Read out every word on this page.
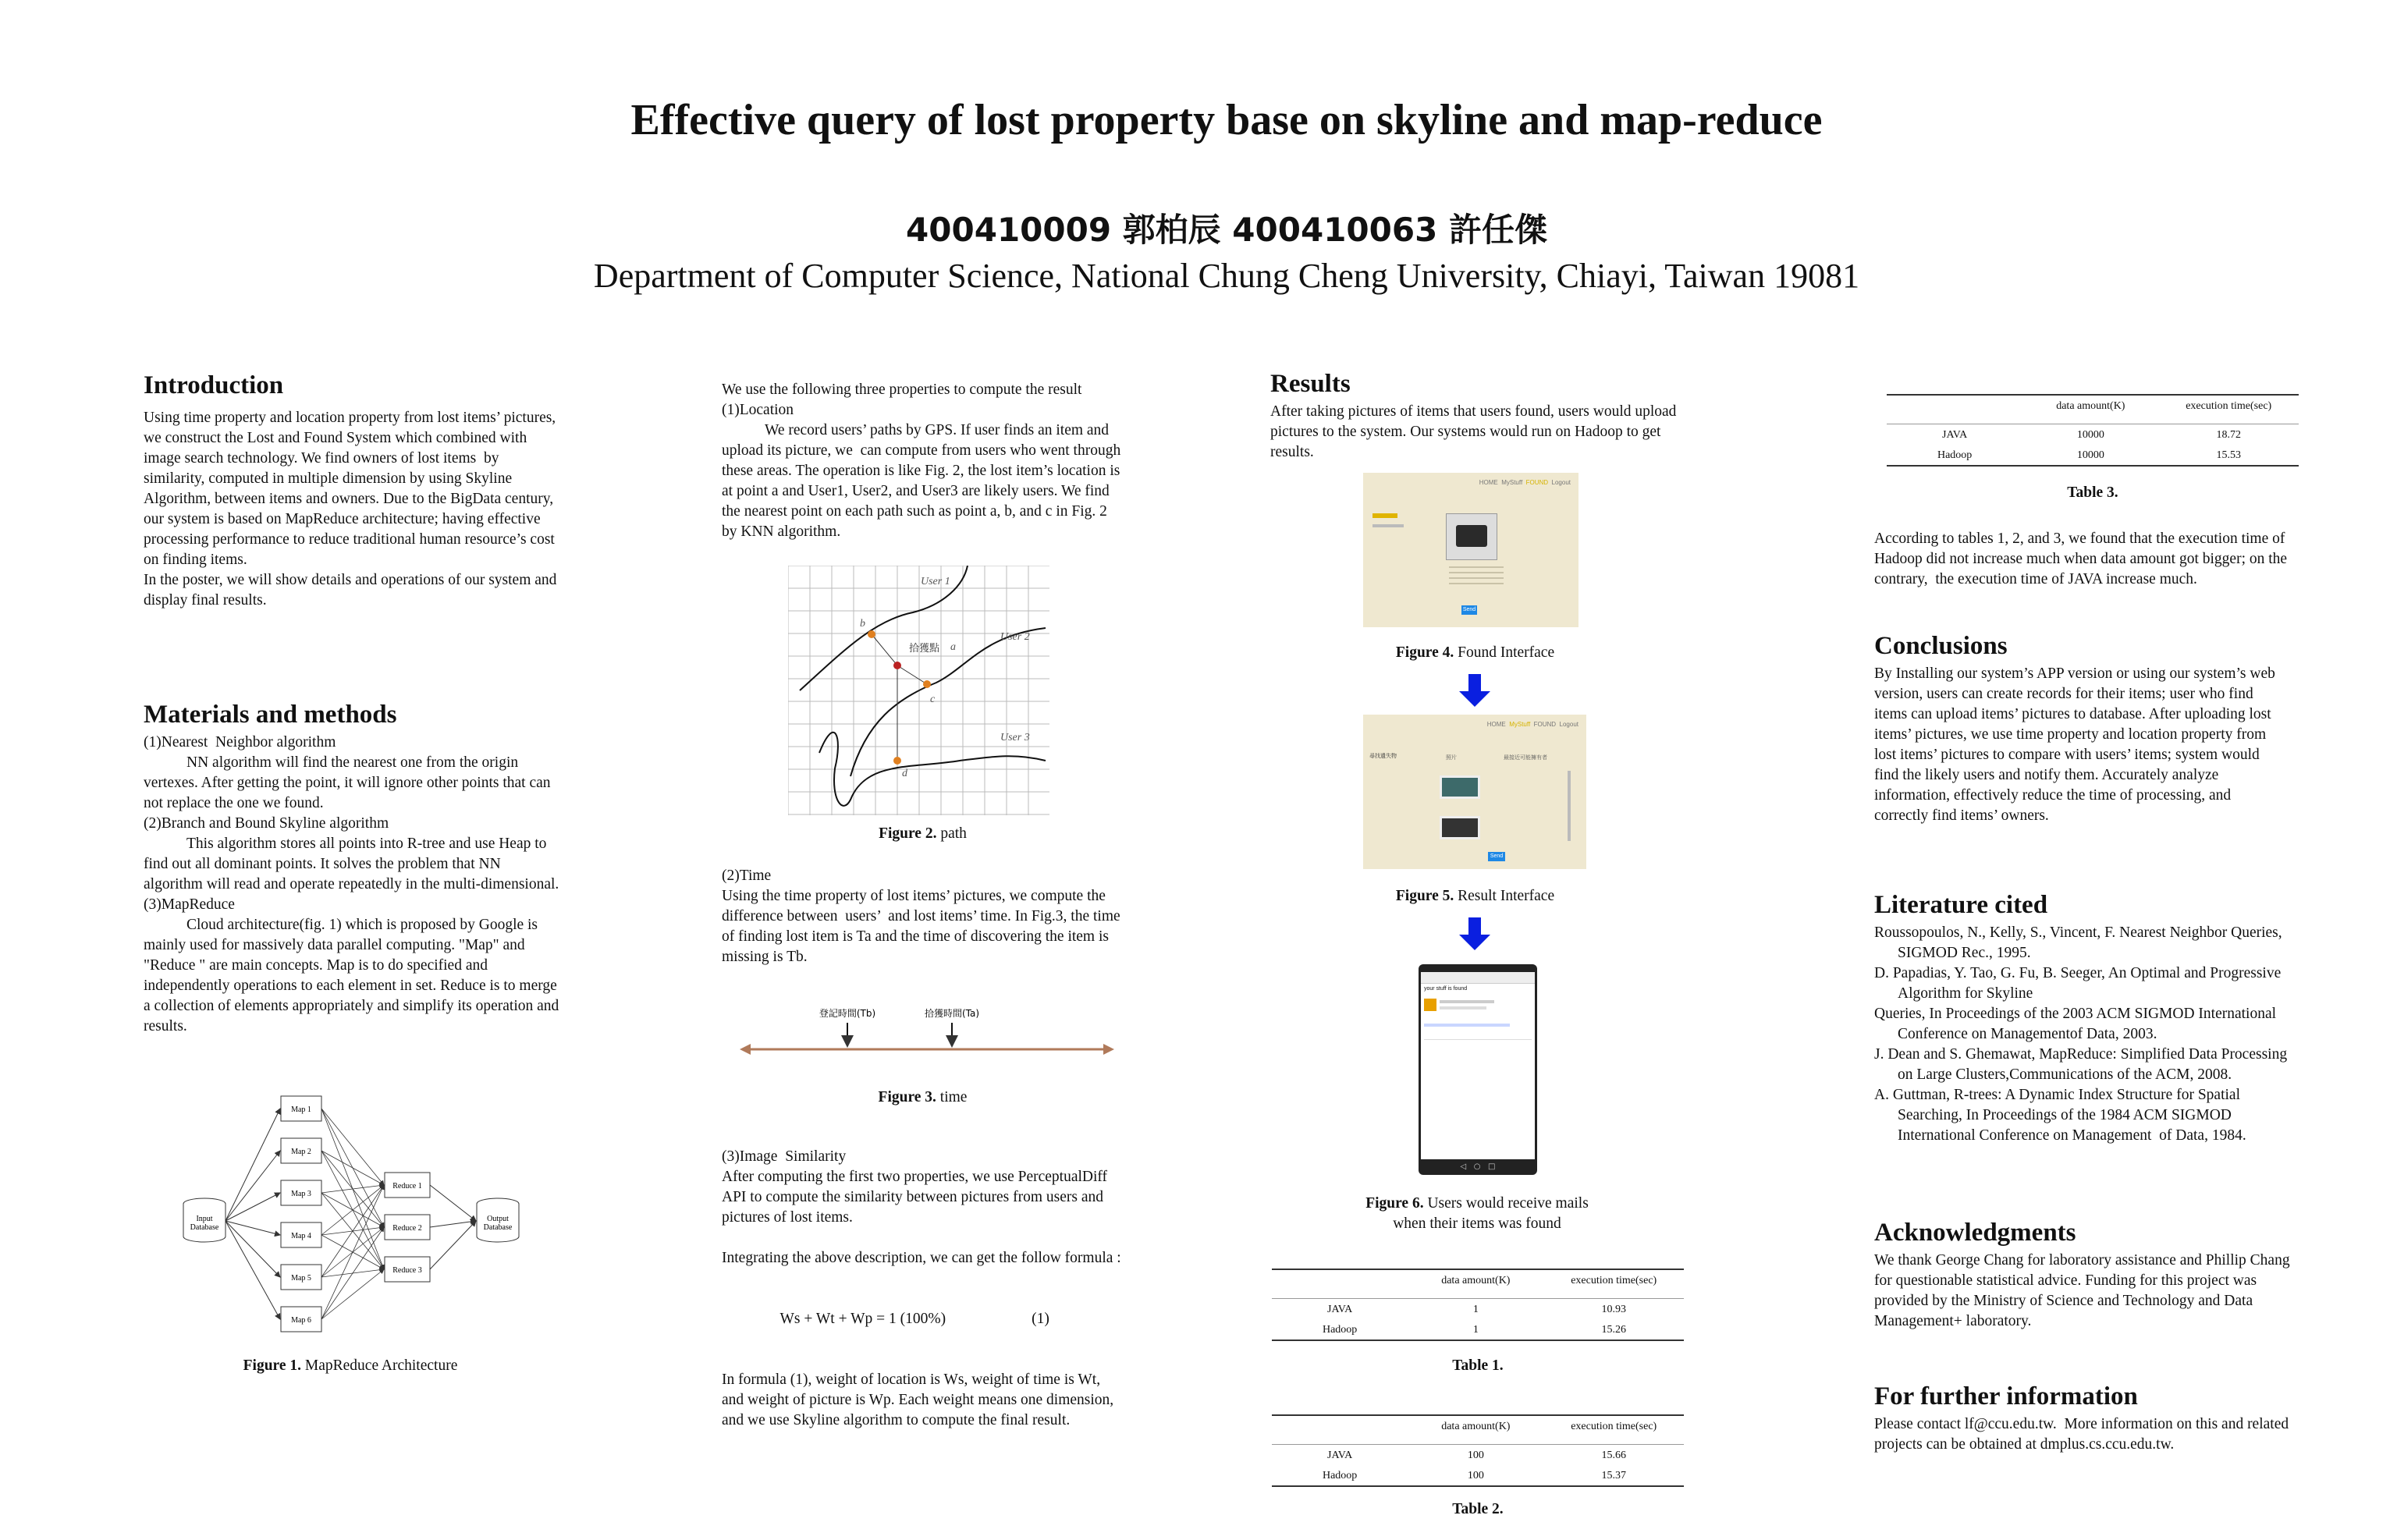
Effective query of lost property base on skyline and map-reduce
400410009 郭柏辰 400410063 許任傑
Department of Computer Science, National Chung Cheng University, Chiayi, Taiwan 19081
Introduction

Using time property and location property from lost items’ pictures, we construct the Lost and Found System which combined with image search technology. We find owners of lost items  by
similarity, computed in multiple dimension by using Skyline Algorithm, between items and owners. Due to the BigData century, our system is based on MapReduce architecture; having effective processing performance to reduce traditional human resource’s cost on finding items.
In the poster, we will show details and operations of our system and display final results.

Materials and methods

(1)Nearest  Neighbor algorithm

NN algorithm will find the nearest one from the origin vertexes. After getting the point, it will ignore other points that can not replace the one we found.

(2)Branch and Bound Skyline algorithm

This algorithm stores all points into R-tree and use Heap to find out all dominant points. It solves the problem that NN algorithm will read and operate repeatedly in the multi-dimensional.

(3)MapReduce

Cloud architecture(fig. 1) which is proposed by Google is mainly used for massively data parallel computing. "Map" and "Reduce " are main concepts. Map is to do specified and independently operations to each element in set. Reduce is to merge  a collection of elements appropriately and simplify its operation and results.

Input
Database
Output
Database
Map 1
Map 2
Map 3
Map 4
Map 5
Map 6
Reduce 1
Reduce 2
Reduce 3
Figure 1. MapReduce Architecture

We use the following three properties to compute the result

(1)Location

We record users’ paths by GPS. If user finds an item and upload its picture, we  can compute from users who went through these areas. The operation is like Fig. 2, the lost item’s location is at point a and User1, User2, and User3 are likely users. We find the nearest point on each path such as point a, b, and c in Fig. 2 by KNN algorithm.

User 1
User 2
User 3
a
b
c
d
拾獲點
Figure 2. path

(2)Time

Using the time property of lost items’ pictures, we compute the difference between  users’  and lost items’ time. In Fig.3, the time of finding lost item is Ta and the time of discovering the item is missing is Tb.

登記時間(Tb)	拾獲時間(Ta)
Figure 3. time

(3)Image  Similarity

After computing the first two properties, we use PerceptualDiff API to compute the similarity between pictures from users and pictures of lost items.

Integrating the above description, we can get the follow formula :

Ws + Wt + Wp = 1 (100%)	(1)

In formula (1), weight of location is Ws, weight of time is Wt, and weight of picture is Wp. Each weight means one dimension, and we use Skyline algorithm to compute the final result.

Results

After taking pictures of items that users found, users would upload pictures to the system. Our systems would run on Hadoop to get results.

HOME MyStuff FOUND Logout
Send
Figure 4. Found Interface
HOME MyStuff FOUND Logout
尋找遺失物	照片	最接近可能擁有者
Send
Figure 5. Result Interface
your stuff is found
◁   ○   □
Figure 6. Users would receive mails when their items was found
	data amount(K)	execution time(sec)
JAVA	1	10.93
Hadoop	1	15.26
Table 1.
	data amount(K)	execution time(sec)
JAVA	100	15.66
Hadoop	100	15.37
Table 2.
	data amount(K)	execution time(sec)
JAVA	10000	18.72
Hadoop	10000	15.53
Table 3.

According to tables 1, 2, and 3, we found that the execution time of Hadoop did not increase much when data amount got bigger; on the contrary,  the execution time of JAVA increase much.

Conclusions

By Installing our system’s APP version or using our system’s web version, users can create records for their items; user who find items can upload items’ pictures to database. After uploading lost items’ pictures, we use time property and location property from lost items’ pictures to compare with users’ items; system would find the likely users and notify them. Accurately analyze information, effectively reduce the time of processing, and correctly find items’ owners.

Literature cited

Roussopoulos, N., Kelly, S., Vincent, F. Nearest Neighbor Queries, SIGMOD Rec., 1995.

D. Papadias, Y. Tao, G. Fu, B. Seeger, An Optimal and Progressive Algorithm for Skyline

Queries, In Proceedings of the 2003 ACM SIGMOD International Conference on Managementof Data, 2003.

J. Dean and S. Ghemawat, MapReduce: Simplified Data Processing on Large Clusters,Communications of the ACM, 2008.

A. Guttman, R-trees: A Dynamic Index Structure for Spatial Searching, In Proceedings of the 1984 ACM SIGMOD International Conference on Management  of Data, 1984.

Acknowledgments

We thank George Chang for laboratory assistance and Phillip Chang for questionable statistical advice. Funding for this project was provided by the Ministry of Science and Technology and Data Management+ laboratory.

For further information

Please contact lf@ccu.edu.tw.  More information on this and related projects can be obtained at dmplus.cs.ccu.edu.tw.
